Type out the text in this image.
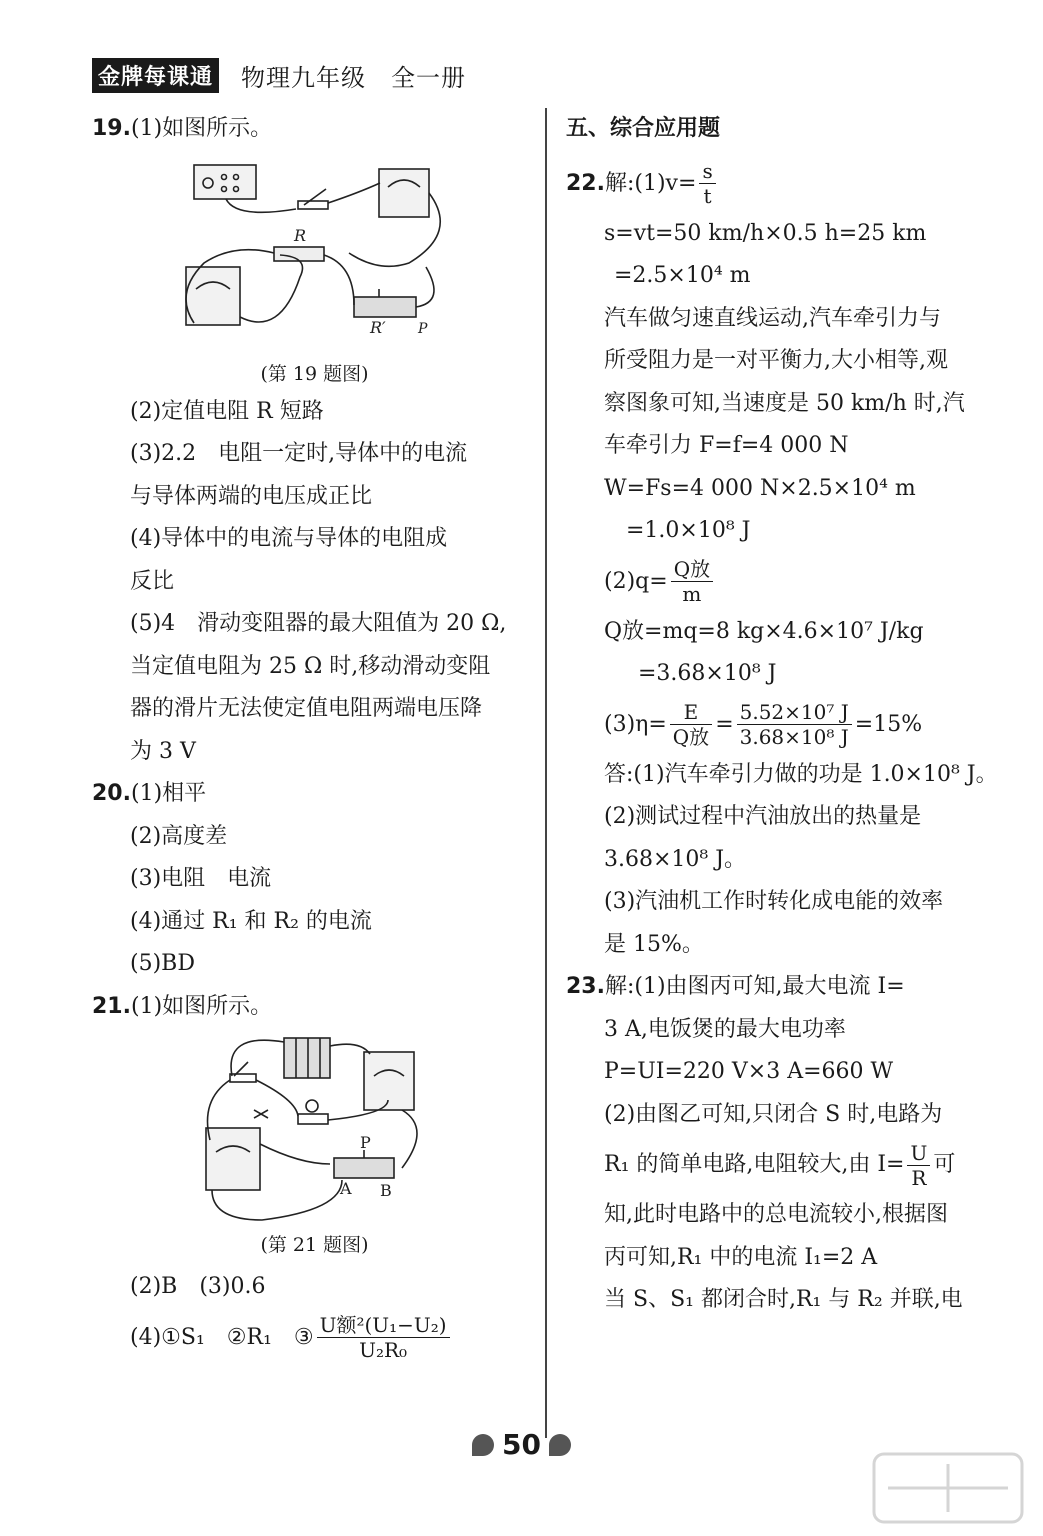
金牌每课通 物理九年级　全一册
19.(1)如图所示。
R
R′ P
(第 19 题图)
(2)定值电阻 R 短路
(3)2.2　电阻一定时,导体中的电流
与导体两端的电压成正比
(4)导体中的电流与导体的电阻成
反比
(5)4　滑动变阻器的最大阻值为 20 Ω,
当定值电阻为 25 Ω 时,移动滑动变阻
器的滑片无法使定值电阻两端电压降
为 3 V
20.(1)相平
(2)高度差
(3)电阻　电流
(4)通过 R₁ 和 R₂ 的电流
(5)BD
21.(1)如图所示。
P
A B
(第 21 题图)
(2)B　(3)0.6
(4)①S₁　②R₁　③ $\frac{\text{U额²(U₁−U₂)}}{\text{U₂R₀}}$
五、综合应用题
22.解:(1)v= $\frac{s}{t}$
s=vt=50 km/h×0.5 h=25 km
=2.5×10⁴ m
汽车做匀速直线运动,汽车牵引力与
所受阻力是一对平衡力,大小相等,观
察图象可知,当速度是 50 km/h 时,汽
车牵引力 F=f=4 000 N
W=Fs=4 000 N×2.5×10⁴ m
=1.0×10⁸ J
$(2)q= \frac{\text{Q放}}{m}$
Q放=mq=8 kg×4.6×10⁷ J/kg
=3.68×10⁸ J
$(3)\eta= \frac{E}{\text{Q放}} = \frac{\text{5.52×10⁷ J}}{\text{3.68×10⁸ J}} =15\%$
答:(1)汽车牵引力做的功是 1.0×10⁸ J。
(2)测试过程中汽油放出的热量是
3.68×10⁸ J。
(3)汽油机工作时转化成电能的效率
是 15%。
23.解:(1)由图丙可知,最大电流 I=
3 A,电饭煲的最大电功率
P=UI=220 V×3 A=660 W
(2)由图乙可知,只闭合 S 时,电路为
R₁ 的简单电路,电阻较大,由 $I= \frac{U}{R}$ 可
知,此时电路中的总电流较小,根据图
丙可知,R₁ 中的电流 I₁=2 A
当 S、S₁ 都闭合时,R₁ 与 R₂ 并联,电
50
